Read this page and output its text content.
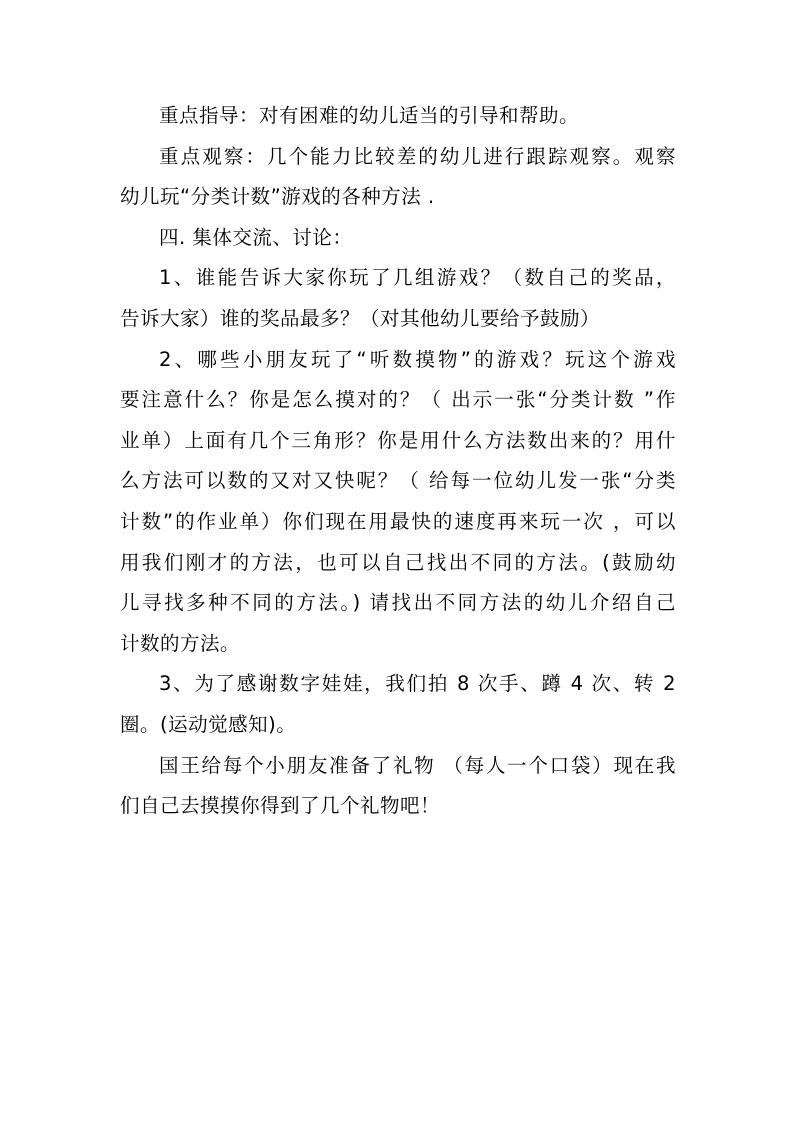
重点指导：对有困难的幼儿适当的引导和帮助。
重点观察：几个能力比较差的幼儿进行跟踪观察。观察
幼儿玩“分类计数”游戏的各种方法 .
四. 集体交流、讨论：
1、谁能告诉大家你玩了几组游戏？（数自己的奖品，
告诉大家）谁的奖品最多？（对其他幼儿要给予鼓励）
2、哪些小朋友玩了“听数摸物”的游戏？玩这个游戏
要注意什么？你是怎么摸对的？（ 出示一张“分类计数 ”作
业单）上面有几个三角形？你是用什么方法数出来的？用什
么方法可以数的又对又快呢？（ 给每一位幼儿发一张“分类
计数”的作业单）你们现在用最快的速度再来玩一次 ，可以
用我们刚才的方法，也可以自己找出不同的方法。(鼓励幼
儿寻找多种不同的方法。) 请找出不同方法的幼儿介绍自己
计数的方法。
3、为了感谢数字娃娃，我们拍 8 次手、蹲 4 次、转 2
圈。(运动觉感知)。
国王给每个小朋友准备了礼物 （每人一个口袋）现在我
们自己去摸摸你得到了几个礼物吧！
